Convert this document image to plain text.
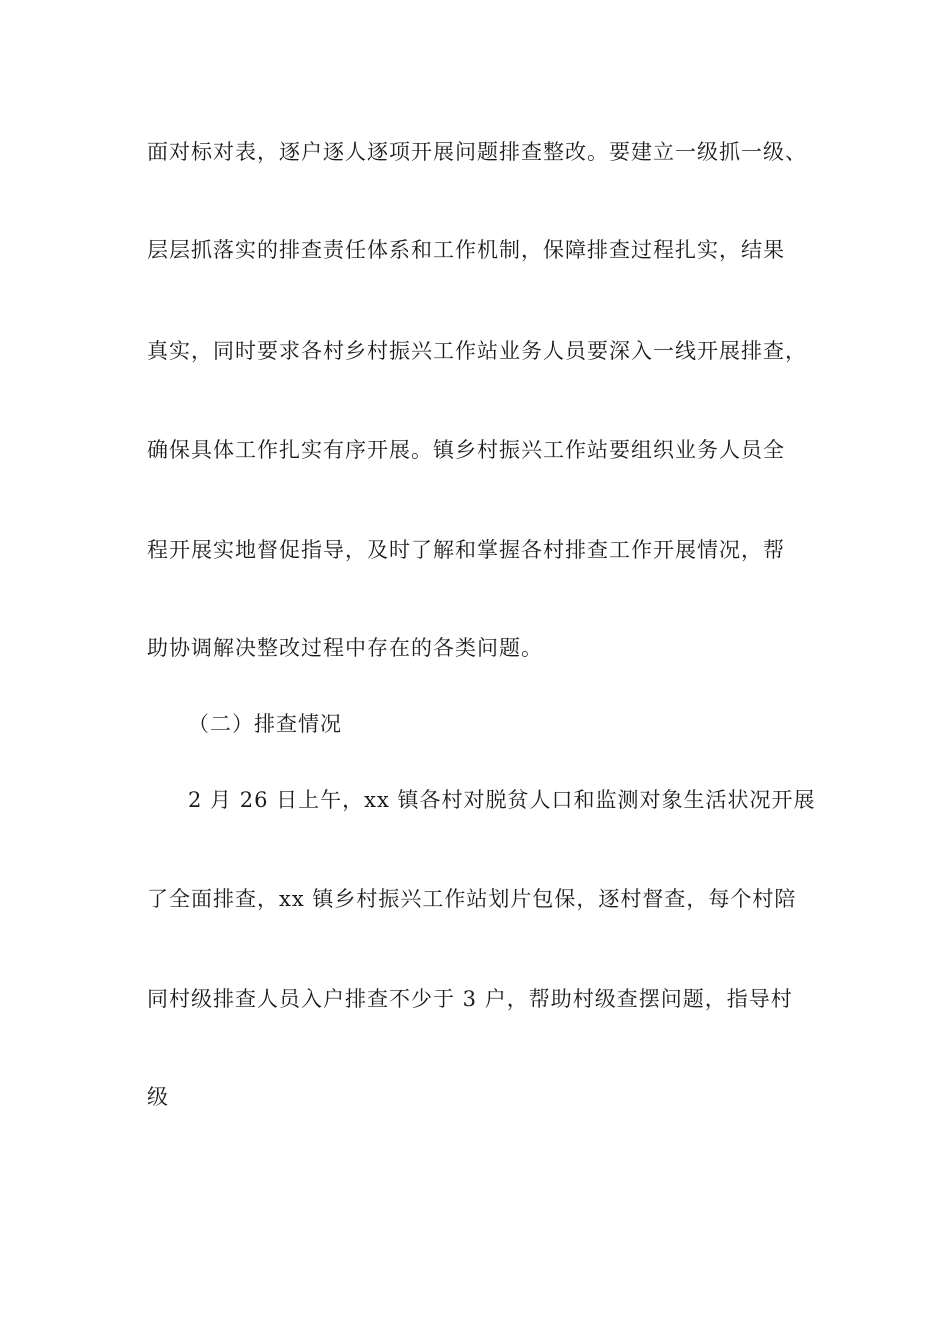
面对标对表，逐户逐人逐项开展问题排查整改。要建立一级抓一级、

层层抓落实的排查责任体系和工作机制，保障排查过程扎实，结果

真实，同时要求各村乡村振兴工作站业务人员要深入一线开展排查，

确保具体工作扎实有序开展。镇乡村振兴工作站要组织业务人员全

程开展实地督促指导，及时了解和掌握各村排查工作开展情况，帮

助协调解决整改过程中存在的各类问题。

（二）排查情况

2 月 26 日上午，xx 镇各村对脱贫人口和监测对象生活状况开展

了全面排查，xx 镇乡村振兴工作站划片包保，逐村督查，每个村陪

同村级排查人员入户排查不少于 3 户，帮助村级查摆问题，指导村

级
